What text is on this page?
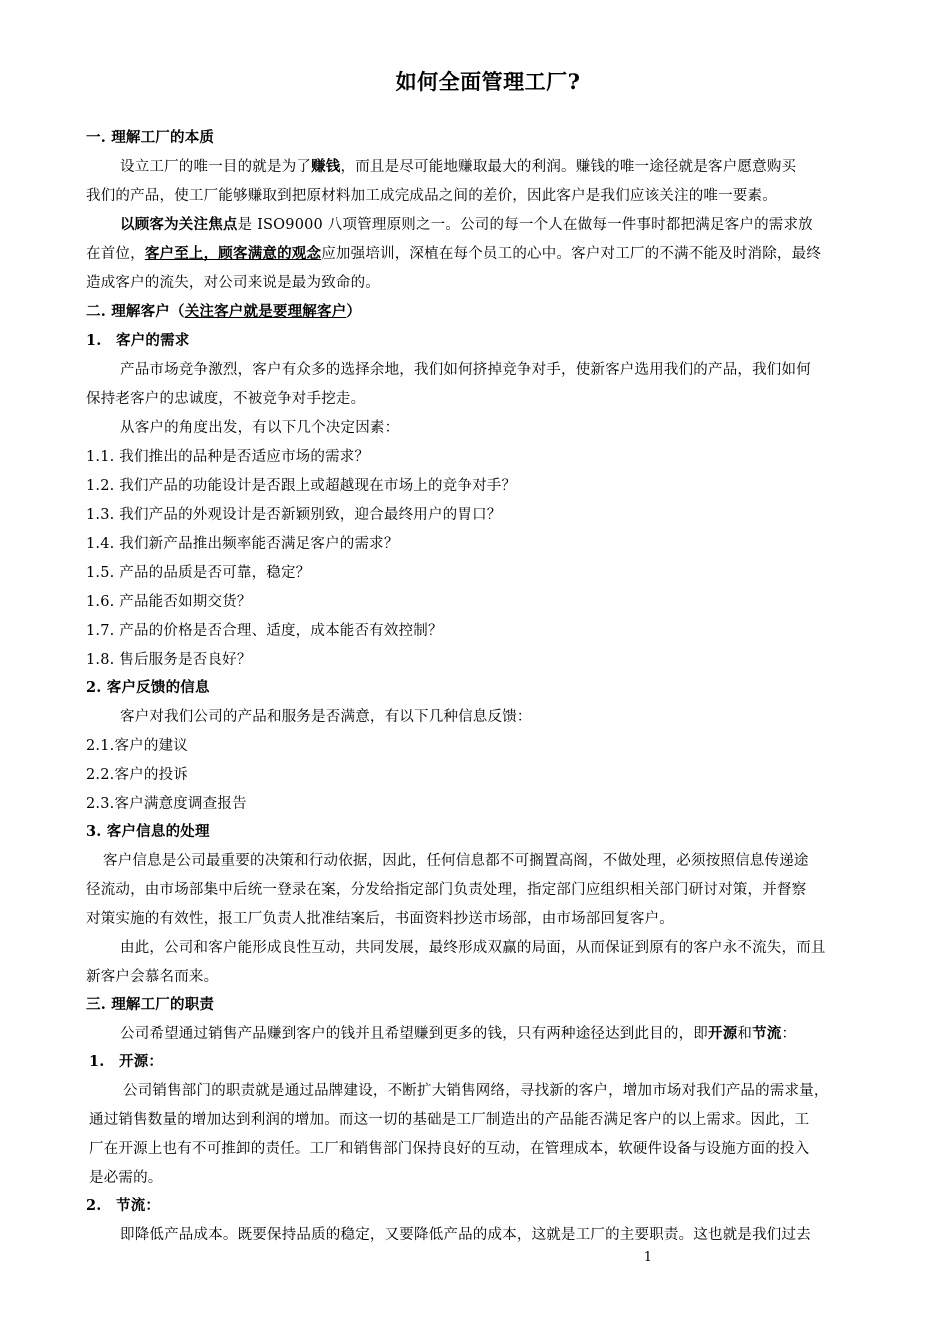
如何全面管理工厂?
一. 理解工厂的本质
设立工厂的唯一目的就是为了赚钱，而且是尽可能地赚取最大的利润。赚钱的唯一途径就是客户愿意购买
我们的产品，使工厂能够赚取到把原材料加工成完成品之间的差价，因此客户是我们应该关注的唯一要素。
以顾客为关注焦点是 ISO9000 八项管理原则之一。公司的每一个人在做每一件事时都把满足客户的需求放
在首位，客户至上，顾客满意的观念应加强培训，深植在每个员工的心中。客户对工厂的不满不能及时消除，最终
造成客户的流失，对公司来说是最为致命的。
二. 理解客户（关注客户就是要理解客户）
1. 客户的需求
产品市场竞争激烈，客户有众多的选择余地，我们如何挤掉竞争对手，使新客户选用我们的产品，我们如何
保持老客户的忠诚度，不被竞争对手挖走。
从客户的角度出发，有以下几个决定因素：
1.1. 我们推出的品种是否适应市场的需求？
1.2. 我们产品的功能设计是否跟上或超越现在市场上的竞争对手？
1.3. 我们产品的外观设计是否新颖别致，迎合最终用户的胃口？
1.4. 我们新产品推出频率能否满足客户的需求？
1.5. 产品的品质是否可靠，稳定？
1.6. 产品能否如期交货？
1.7. 产品的价格是否合理、适度，成本能否有效控制？
1.8. 售后服务是否良好？
2. 客户反馈的信息
客户对我们公司的产品和服务是否满意，有以下几种信息反馈：
2.1.客户的建议
2.2.客户的投诉
2.3.客户满意度调查报告
3. 客户信息的处理
客户信息是公司最重要的决策和行动依据，因此，任何信息都不可搁置高阁，不做处理，必须按照信息传递途
径流动，由市场部集中后统一登录在案，分发给指定部门负责处理，指定部门应组织相关部门研讨对策，并督察
对策实施的有效性，报工厂负责人批准结案后，书面资料抄送市场部，由市场部回复客户。
由此，公司和客户能形成良性互动，共同发展，最终形成双赢的局面，从而保证到原有的客户永不流失，而且
新客户会慕名而来。
三. 理解工厂的职责
公司希望通过销售产品赚到客户的钱并且希望赚到更多的钱，只有两种途径达到此目的，即开源和节流：
1. 开源：
公司销售部门的职责就是通过品牌建设，不断扩大销售网络，寻找新的客户，增加市场对我们产品的需求量，
通过销售数量的增加达到利润的增加。而这一切的基础是工厂制造出的产品能否满足客户的以上需求。因此，工
厂在开源上也有不可推卸的责任。工厂和销售部门保持良好的互动，在管理成本，软硬件设备与设施方面的投入
是必需的。
2. 节流：
即降低产品成本。既要保持品质的稳定，又要降低产品的成本，这就是工厂的主要职责。这也就是我们过去
1
